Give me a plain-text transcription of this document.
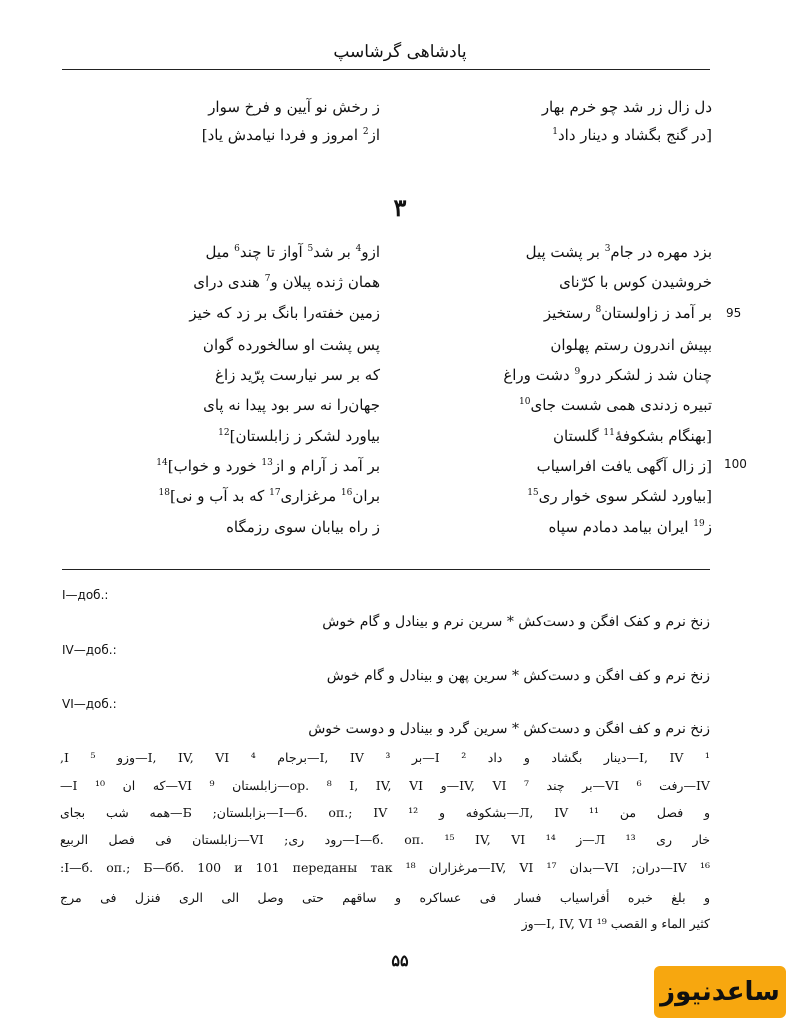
پادشاهی گرشاسپ
دل زال زر شد چو خرم بهار
ز رخش نو آیین و فرخ سوار
[در گنج بگشاد و دینار داد$^1$
از$^2$ امروز و فردا نیامدش یاد]
۳
95
100
بزد مهره در جام$^3$ بر پشت پیل
ازو$^4$ بر شد$^5$ آواز تا چند$^6$ میل
خروشیدن کوس با کرّنای
همان ژنده پیلان و$^7$ هندی درای
بر آمد ز زاولستان$^8$ رستخیز
زمین خفته‌را بانگ بر زد که خیز
بپیش اندرون رستم پهلوان
پس پشت او سالخورده گوان
چنان شد ز لشکر درو$^9$ دشت وراغ
که بر سر نیارست پرّید زاغ
تبیره زدندی همی شست جای$^{10}$
جهان‌را نه سر بود پیدا نه پای
[بهنگام بشکوفهٔ$^{11}$ گلستان
بیاورد لشکر ز زابلستان]$^{12}$
[ز زال آگهی یافت افراسیاب
بر آمد ز آرام و از$^{13}$ خورد و خواب]$^{14}$
[بیاورد لشکر سوی خوار ری$^{15}$
بران$^{16}$ مرغزاری$^{17}$ که بد آب و نی]$^{18}$
ز$^{19}$ ایران بیامد دمادم سپاه
ز راه بیابان سوی رزمگاه
I—доб.:
زنخ نرم و کفک افگن و دست‌کش * سرین نرم و بینادل و گام خوش
IV—доб.:
زنخ نرم و کف افگن و دست‌کش * سرین پهن و بینادل و گام خوش
VI—доб.:
زنخ نرم و کف افگن و دست‌کش * سرین گرد و بینادل و دوست خوش
¹ I, IV—دینار بگشاد و داد ² I—بر ³ I, IV—برجام ⁴ I, IV, VI—وزو ⁵ I,
IV—رفت ⁶ VI—بر چند ⁷ IV, VI—و op. ⁸ I, IV, VI—زابلستان ⁹ VI—که ان ¹⁰ I—
و فصل من ¹¹ Л, IV—بشکوفه و ¹² I—б. оп.; IV—بزابلستان; Б—همه شب بجای
خار ری ¹³ Л—ز ¹⁴ I—б. оп. ¹⁵ IV, VI—رود ری; VI—زابلستان فی فصل الربیع
¹⁶ IV—دران; VI—بدان ¹⁷ IV, VI—مرغزاران ¹⁸ I—б. оп.; Б—бб. 100 и 101 переданы так:
و بلغ خبره أفراسیاب فسار فی عساکره و ساقهم حتی وصل الی الری فنزل فی مرج
کثیر الماء و القصب ¹⁹ I, IV, VI—وز
۵۵
ساعدنیوز
